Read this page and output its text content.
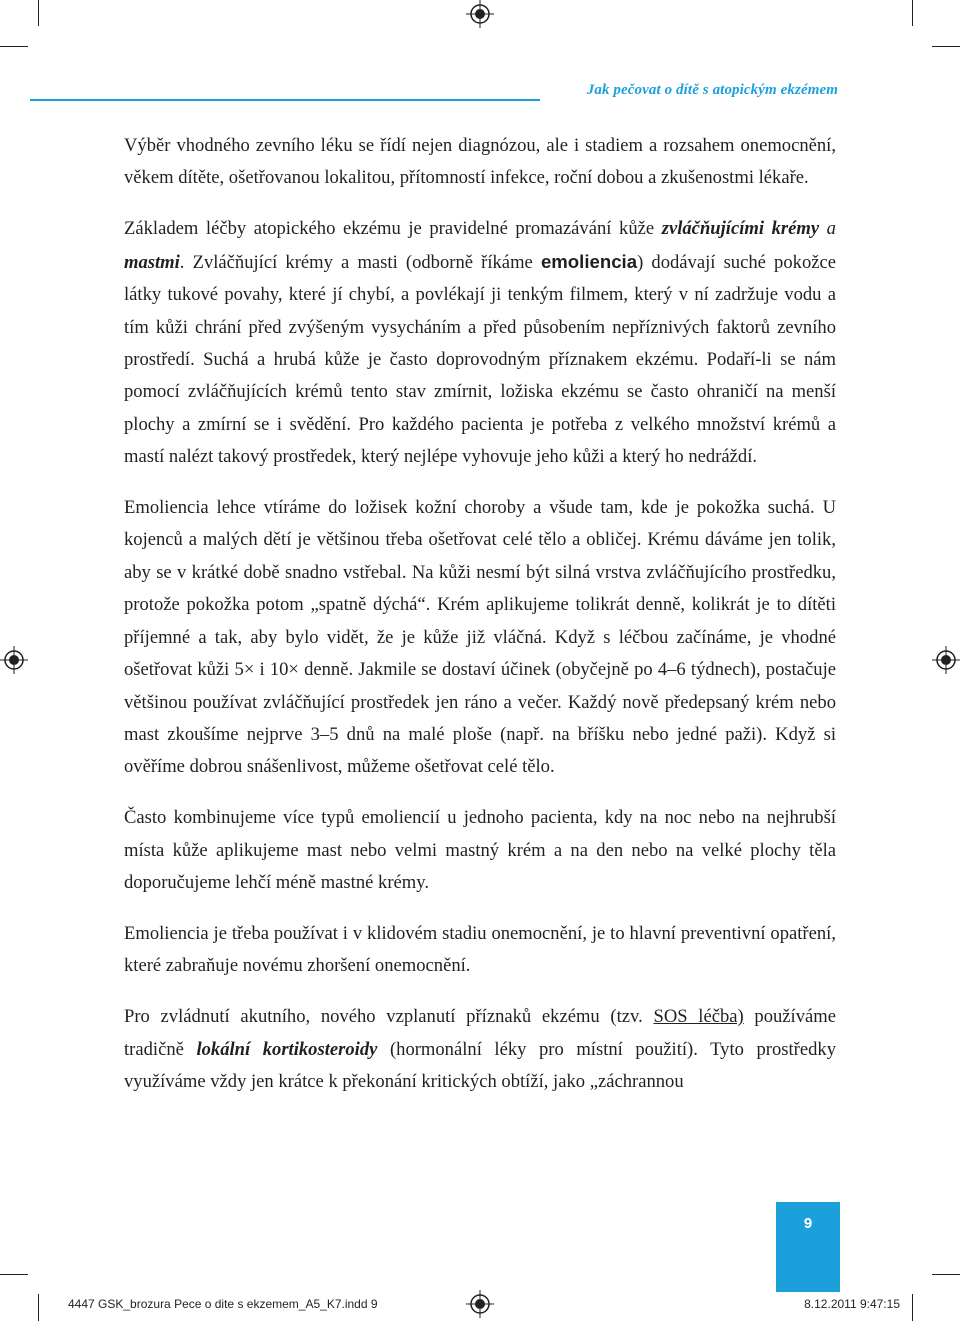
Jak pečovat o dítě s atopickým ekzémem

Výběr vhodného zevního léku se řídí nejen diagnózou, ale i stadiem a rozsahem onemocnění, věkem dítěte, ošetřovanou lokalitou, přítomností infekce, roční dobou a zkušenostmi lékaře.

Základem léčby atopického ekzému je pravidelné promazávání kůže zvláčňujícími krémy a mastmi. Zvláčňující krémy a masti (odborně říkáme emoliencia) dodávají suché pokožce látky tukové povahy, které jí chybí, a povlékají ji tenkým filmem, který v ní zadržuje vodu a tím kůži chrání před zvýšeným vysycháním a před působením nepříznivých faktorů zevního prostředí. Suchá a hrubá kůže je často doprovodným příznakem ekzému. Podaří-li se nám pomocí zvláčňujících krémů tento stav zmírnit, ložiska ekzému se často ohraničí na menší plochy a zmírní se i svědění. Pro každého pacienta je potřeba z velkého množství krémů a mastí nalézt takový prostředek, který nejlépe vyhovuje jeho kůži a který ho nedráždí.

Emoliencia lehce vtíráme do ložisek kožní choroby a všude tam, kde je pokožka suchá. U kojenců a malých dětí je většinou třeba ošetřovat celé tělo a obličej. Krému dáváme jen tolik, aby se v krátké době snadno vstřebal. Na kůži nesmí být silná vrstva zvláčňujícího prostředku, protože pokožka potom „spatně dýchá“. Krém aplikujeme tolikrát denně, kolikrát je to dítěti příjemné a tak, aby bylo vidět, že je kůže již vláčná. Když s léčbou začínáme, je vhodné ošetřovat kůži 5× i 10× denně. Jakmile se dostaví účinek (obyčejně po 4–6 týdnech), postačuje většinou používat zvláčňující prostředek jen ráno a večer. Každý nově předepsaný krém nebo mast zkoušíme nejprve 3–5 dnů na malé ploše (např. na bříšku nebo jedné paži). Když si ověříme dobrou snášenlivost, můžeme ošetřovat celé tělo.

Často kombinujeme více typů emoliencií u jednoho pacienta, kdy na noc nebo na nejhrubší místa kůže aplikujeme mast nebo velmi mastný krém a na den nebo na velké plochy těla doporučujeme lehčí méně mastné krémy.

Emoliencia je třeba používat i v klidovém stadiu onemocnění, je to hlavní preventivní opatření, které zabraňuje novému zhoršení onemocnění.

Pro zvládnutí akutního, nového vzplanutí příznaků ekzému (tzv. SOS léčba) používáme tradičně lokální kortikosteroidy (hormonální léky pro místní použití). Tyto prostředky využíváme vždy jen krátce k překonání kritických obtíží, jako „záchrannou

9
4447 GSK_brozura Pece o dite s ekzemem_A5_K7.indd 9	8.12.2011 9:47:15
